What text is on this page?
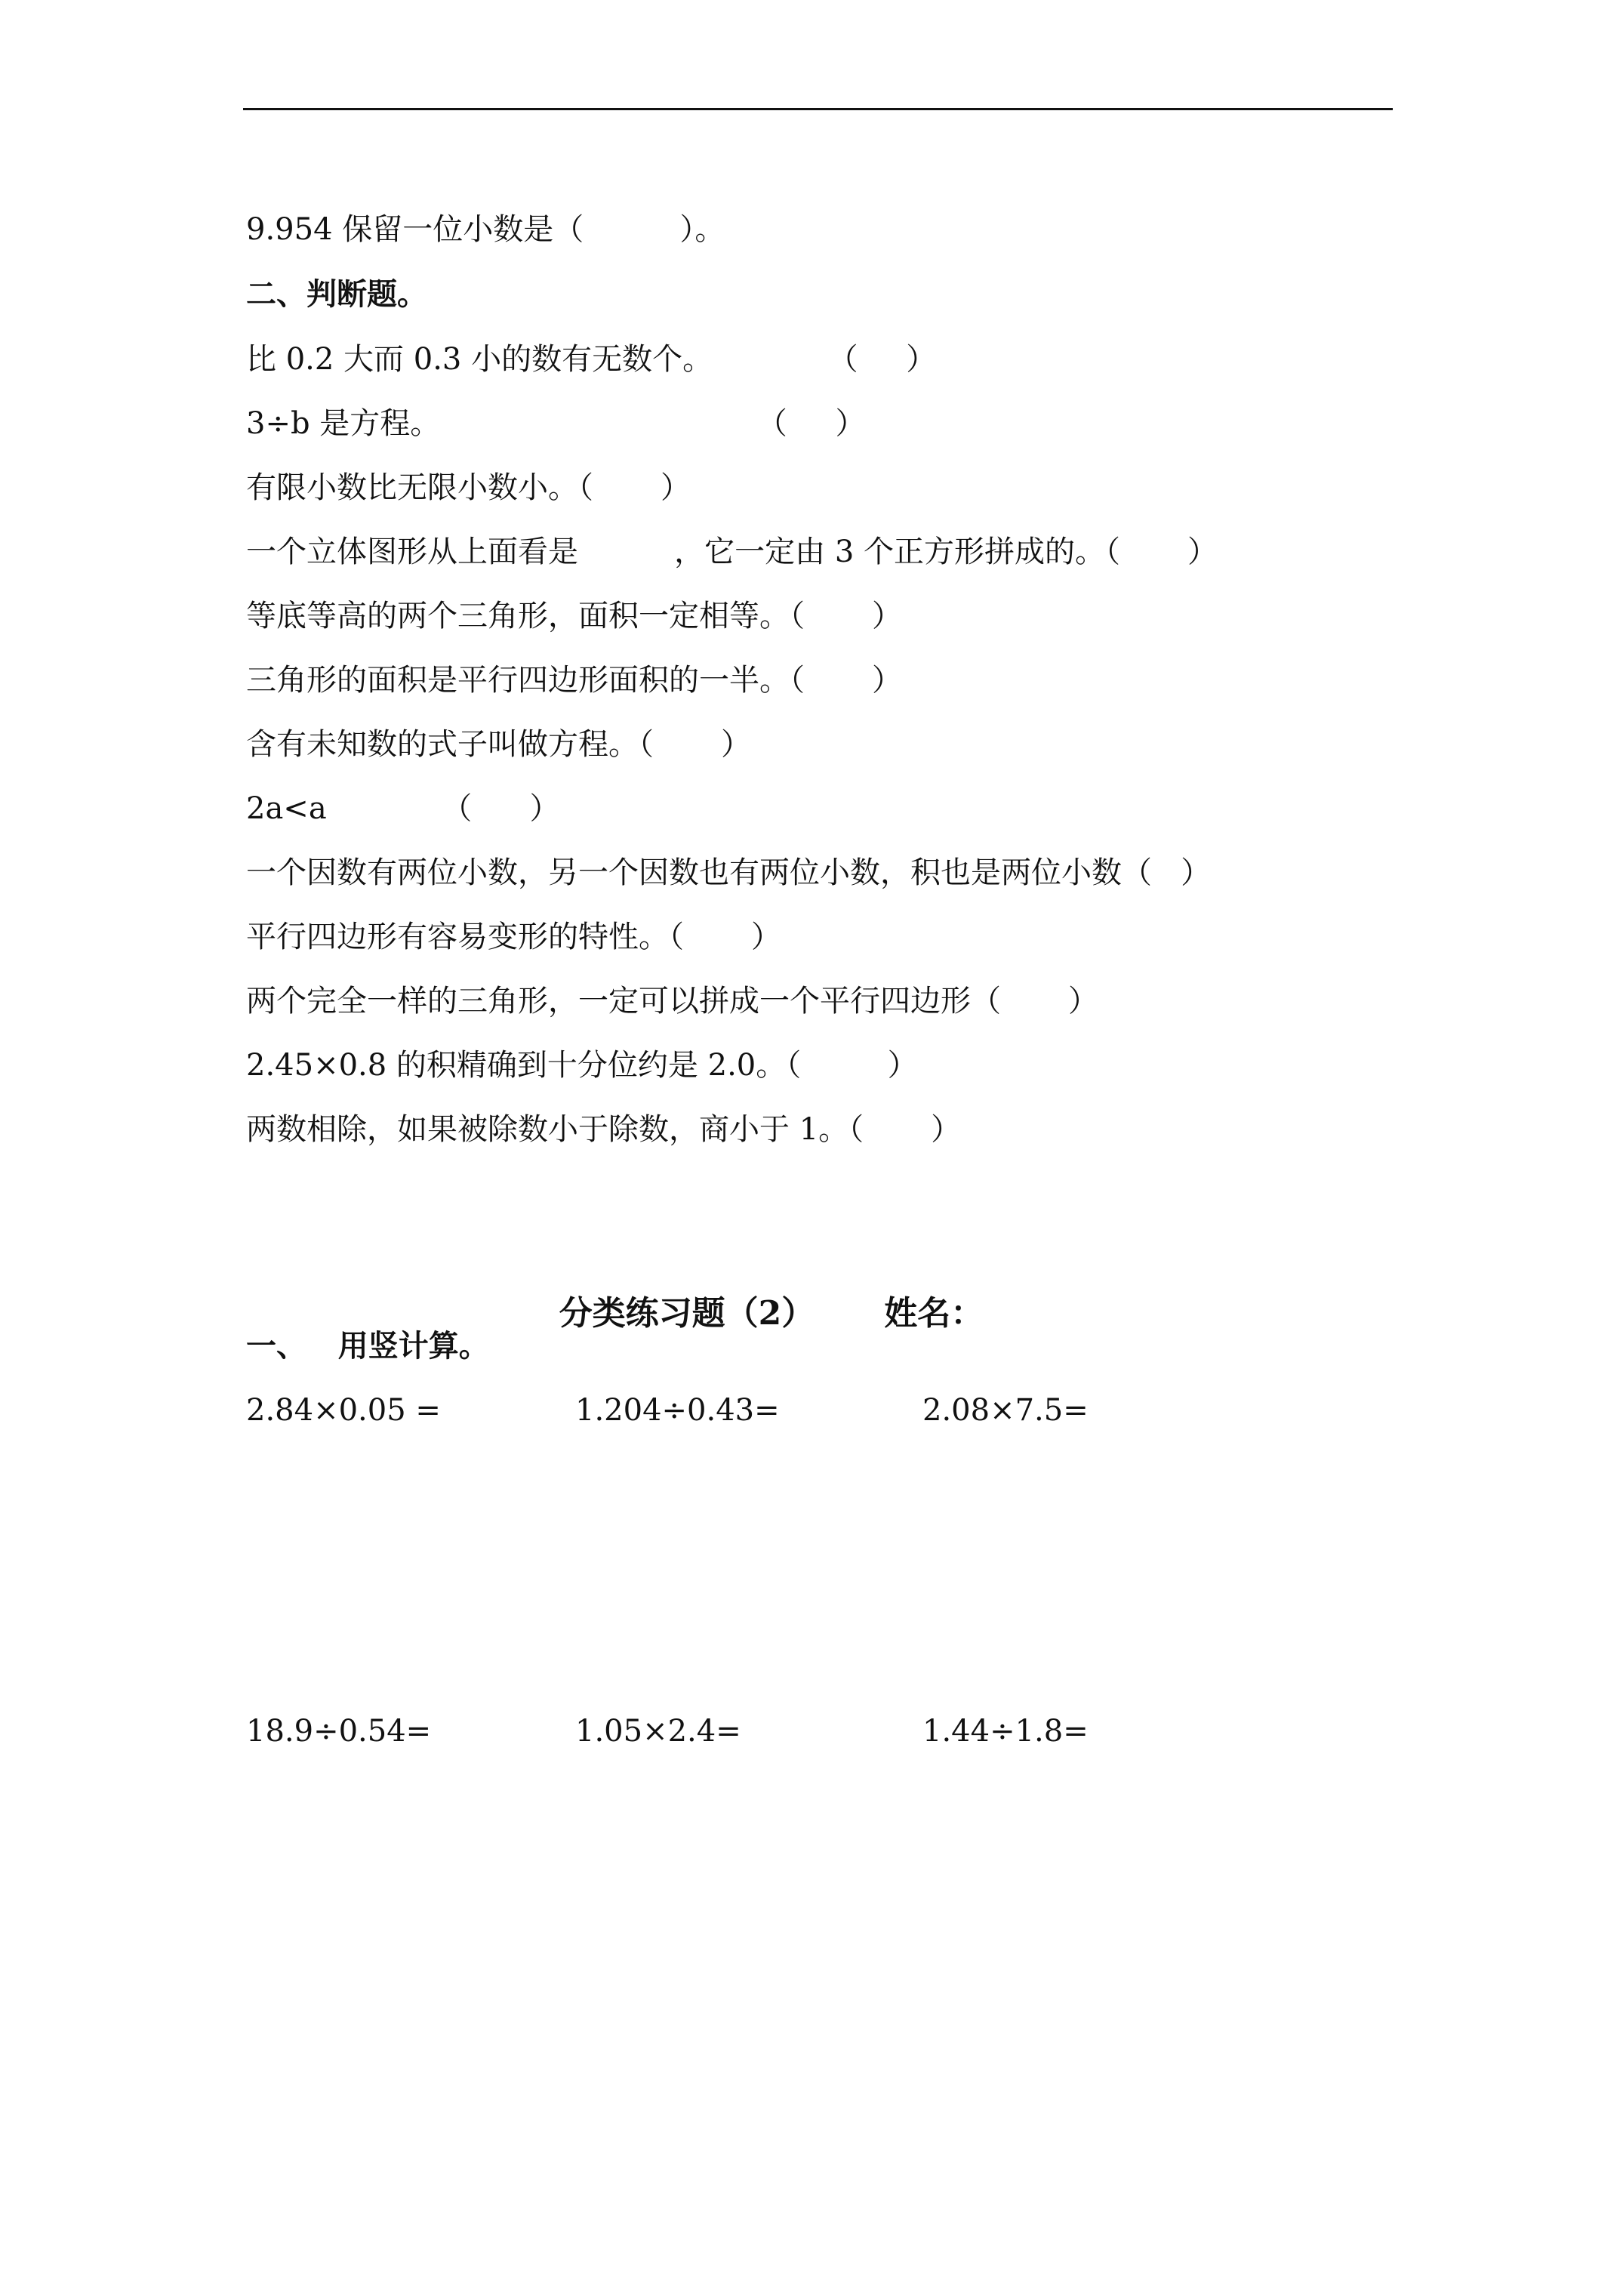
9.954 保留一位小数是（          ）。
二、判断题。
比 0.2 大而 0.3 小的数有无数个。            （     ）
3÷b 是方程。                                 （     ）
有限小数比无限小数小。（       ）
一个立体图形从上面看是          ，它一定由 3 个正方形拼成的。（       ）
等底等高的两个三角形，面积一定相等。（       ）
三角形的面积是平行四边形面积的一半。（       ）
含有未知数的式子叫做方程。（       ）
2a<a            （      ）
一个因数有两位小数，另一个因数也有两位小数，积也是两位小数（   ）
平行四边形有容易变形的特性。（       ）
两个完全一样的三角形，一定可以拼成一个平行四边形（       ）
2.45×0.8 的积精确到十分位约是 2.0。（         ）
两数相除，如果被除数小于除数，商小于 1。（       ）

分类练习题（2） 姓名：

一、   用竖计算。
2.84×0.05 =	1.204÷0.43=	2.08×7.5=
18.9÷0.54=	1.05×2.4=	1.44÷1.8=
